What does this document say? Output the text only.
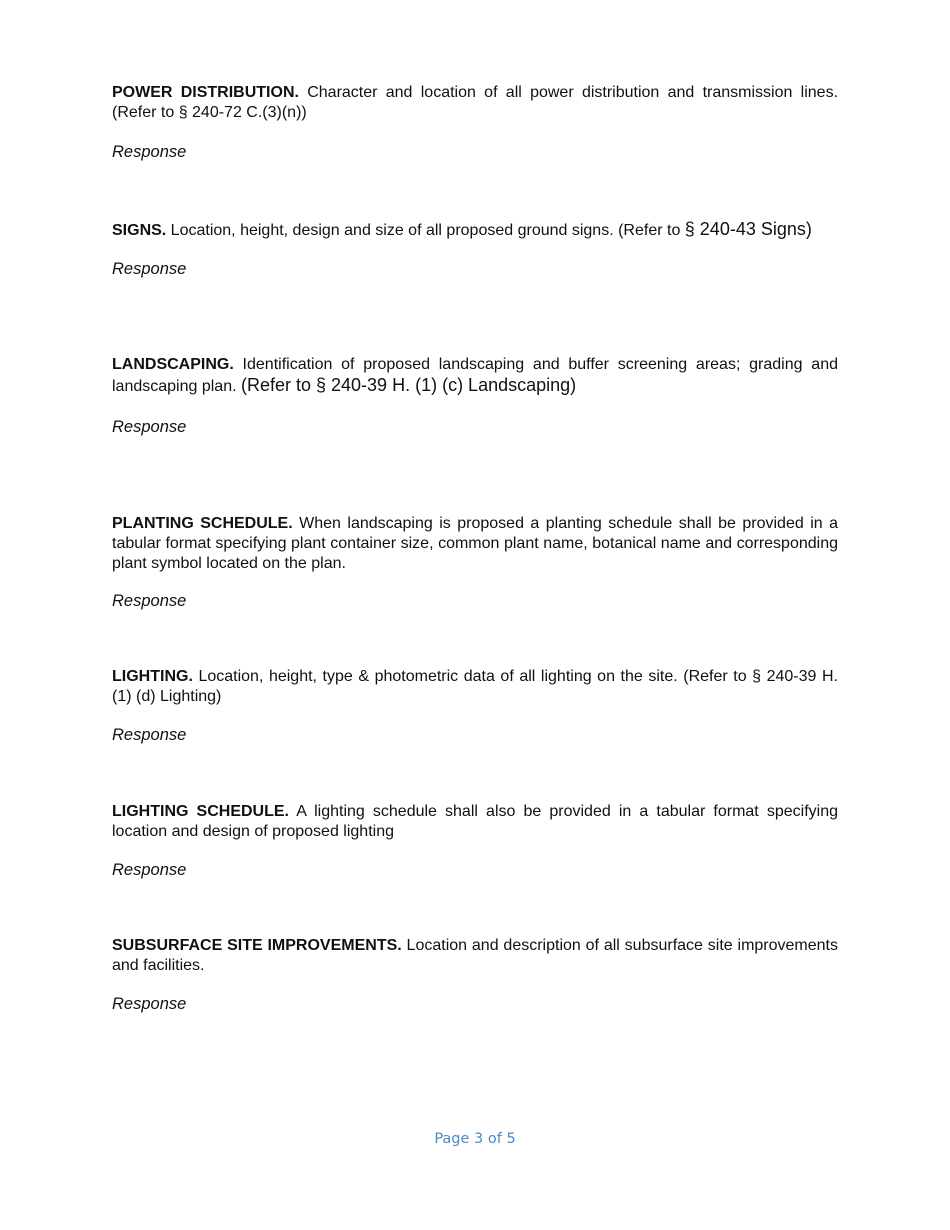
POWER DISTRIBUTION. Character and location of all power distribution and transmission lines. (Refer to § 240-72 C.(3)(n))

Response

SIGNS. Location, height, design and size of all proposed ground signs. (Refer to § 240-43 Signs)

Response

LANDSCAPING. Identification of proposed landscaping and buffer screening areas; grading and landscaping plan. (Refer to § 240-39 H. (1) (c) Landscaping)

Response

PLANTING SCHEDULE. When landscaping is proposed a planting schedule shall be provided in a tabular format specifying plant container size, common plant name, botanical name and corresponding plant symbol located on the plan.

Response

LIGHTING. Location, height, type & photometric data of all lighting on the site. (Refer to § 240-39 H.(1) (d) Lighting)

Response

LIGHTING SCHEDULE. A lighting schedule shall also be provided in a tabular format specifying location and design of proposed lighting

Response

SUBSURFACE SITE IMPROVEMENTS. Location and description of all subsurface site improvements and facilities.

Response

Page 3 of 5
